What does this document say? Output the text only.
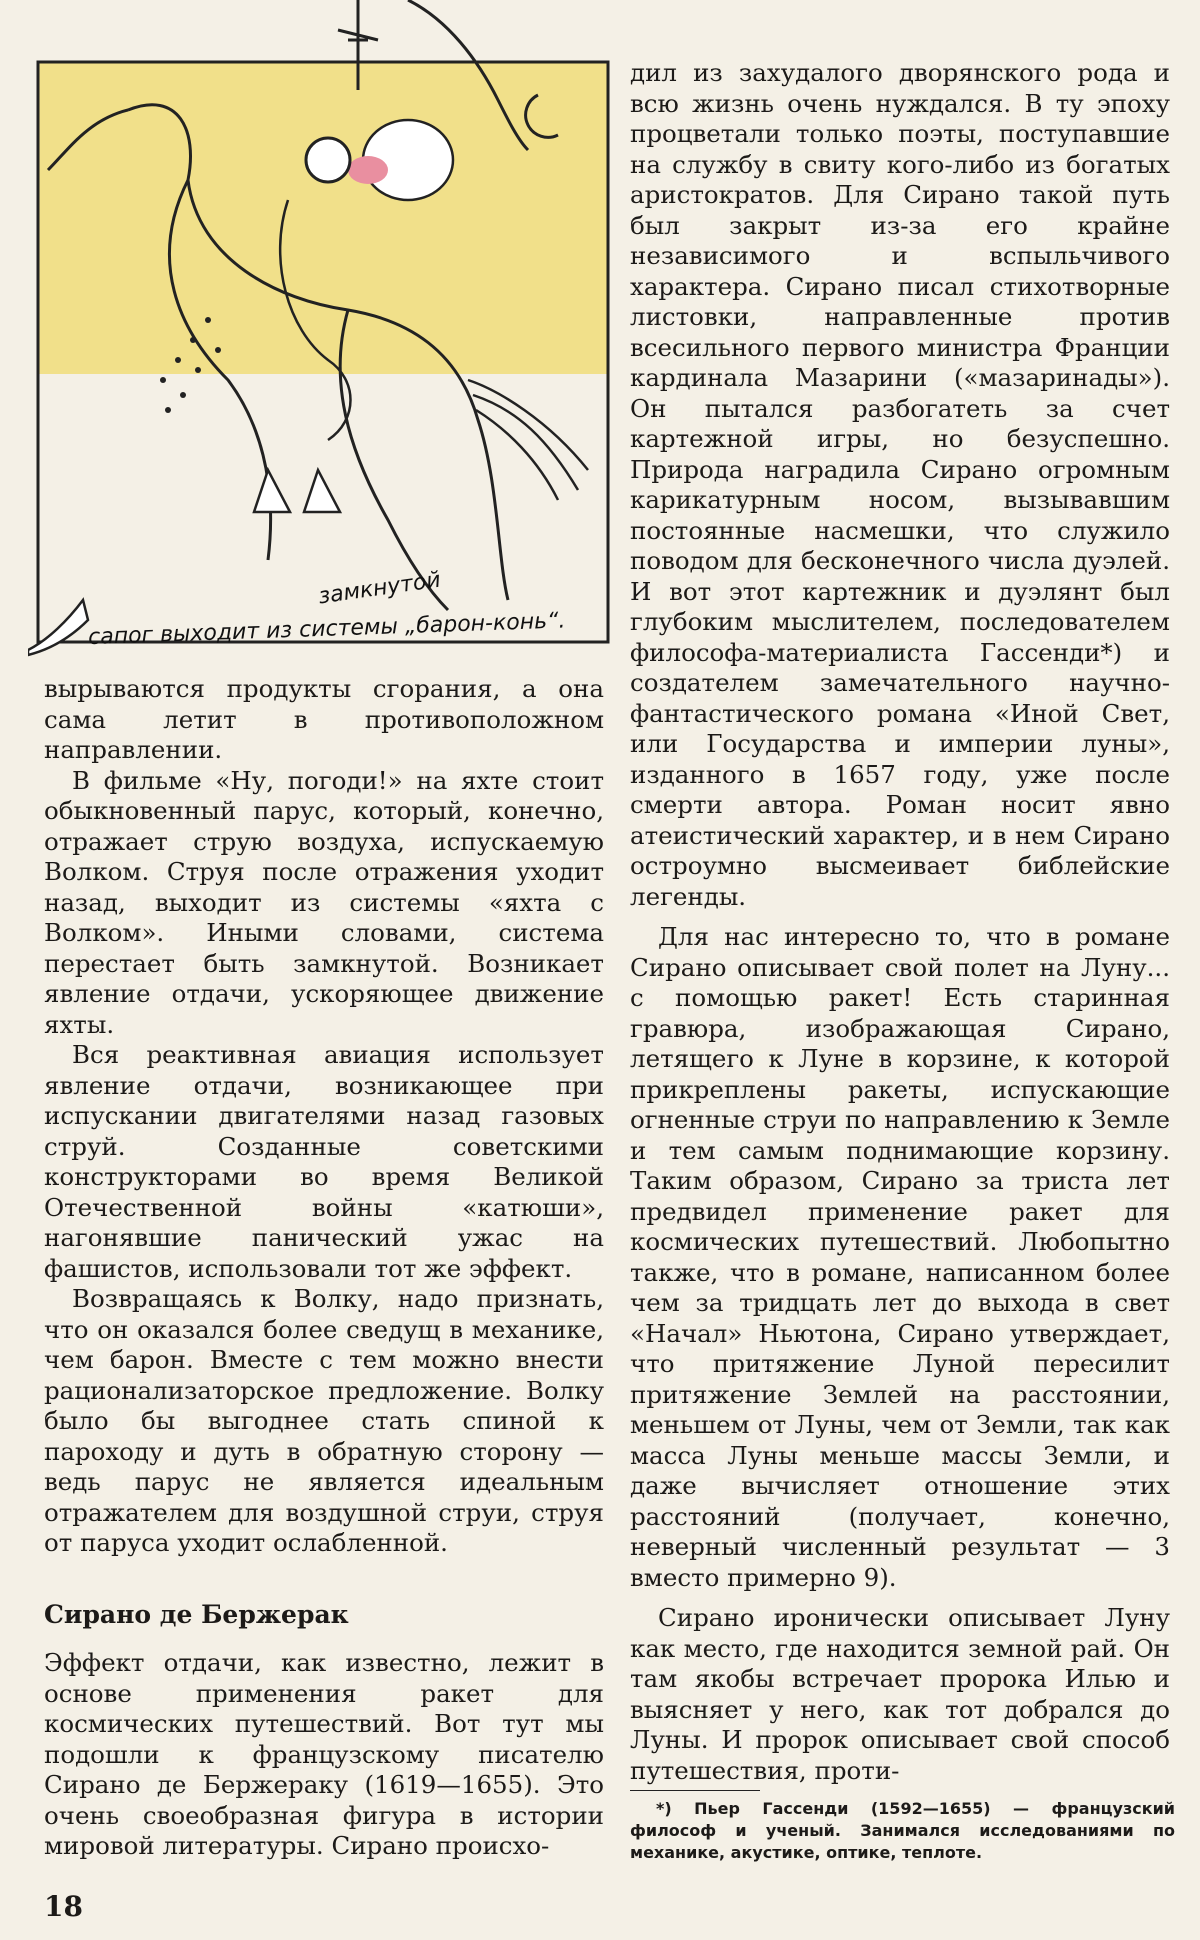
замкнутой
сапог выходит из системы „барон-конь“.

вырываются продукты сгорания, а она сама летит в противоположном направлении.

В фильме «Ну, погоди!» на яхте стоит обыкновенный парус, который, конечно, отражает струю воздуха, испускаемую Волком. Струя после отражения уходит назад, выходит из системы «яхта с Волком». Иными словами, система перестает быть замкнутой. Возникает явление отдачи, ускоряющее движение яхты.

Вся реактивная авиация использует явление отдачи, возникающее при испускании двигателями назад газовых струй. Созданные советскими конструкторами во время Великой Отечественной войны «катюши», нагонявшие панический ужас на фашистов, использовали тот же эффект.

Возвращаясь к Волку, надо признать, что он оказался более сведущ в механике, чем барон. Вместе с тем можно внести рационализаторское предложение. Волку было бы выгоднее стать спиной к пароходу и дуть в обратную сторону — ведь парус не является идеальным отражателем для воздушной струи, струя от паруса уходит ослабленной.

Сирано де Бержерак

Эффект отдачи, как известно, лежит в основе применения ракет для космических путешествий. Вот тут мы подошли к французскому писателю Сирано де Бержераку (1619—1655). Это очень своеобразная фигура в истории мировой литературы. Сирано происхо-

дил из захудалого дворянского рода и всю жизнь очень нуждался. В ту эпоху процветали только поэты, поступавшие на службу в свиту кого-либо из богатых аристократов. Для Сирано такой путь был закрыт из-за его крайне независимого и вспыльчивого характера. Сирано писал стихотворные листовки, направленные против всесильного первого министра Франции кардинала Мазарини («мазаринады»). Он пытался разбогатеть за счет картежной игры, но безуспешно. Природа наградила Сирано огромным карикатурным носом, вызывавшим постоянные насмешки, что служило поводом для бесконечного числа дуэлей. И вот этот картежник и дуэлянт был глубоким мыслителем, последователем философа-материалиста Гассенди*) и создателем замечательного научно-фантастического романа «Иной Свет, или Государства и империи луны», изданного в 1657 году, уже после смерти автора. Роман носит явно атеистический характер, и в нем Сирано остроумно высмеивает библейские легенды.

Для нас интересно то, что в романе Сирано описывает свой полет на Луну... с помощью ракет! Есть старинная гравюра, изображающая Сирано, летящего к Луне в корзине, к которой прикреплены ракеты, испускающие огненные струи по направлению к Земле и тем самым поднимающие корзину. Таким образом, Сирано за триста лет предвидел применение ракет для космических путешествий. Любопытно также, что в романе, написанном более чем за тридцать лет до выхода в свет «Начал» Ньютона, Сирано утверждает, что притяжение Луной пересилит притяжение Землей на расстоянии, меньшем от Луны, чем от Земли, так как масса Луны меньше массы Земли, и даже вычисляет отношение этих расстояний (получает, конечно, неверный численный результат — 3 вместо примерно 9).

Сирано иронически описывает Луну как место, где находится земной рай. Он там якобы встречает пророка Илью и выясняет у него, как тот добрался до Луны. И пророк описывает свой способ путешествия, проти-

*) Пьер Гассенди (1592—1655) — французский философ и ученый. Занимался исследованиями по механике, акустике, оптике, теплоте.
18
